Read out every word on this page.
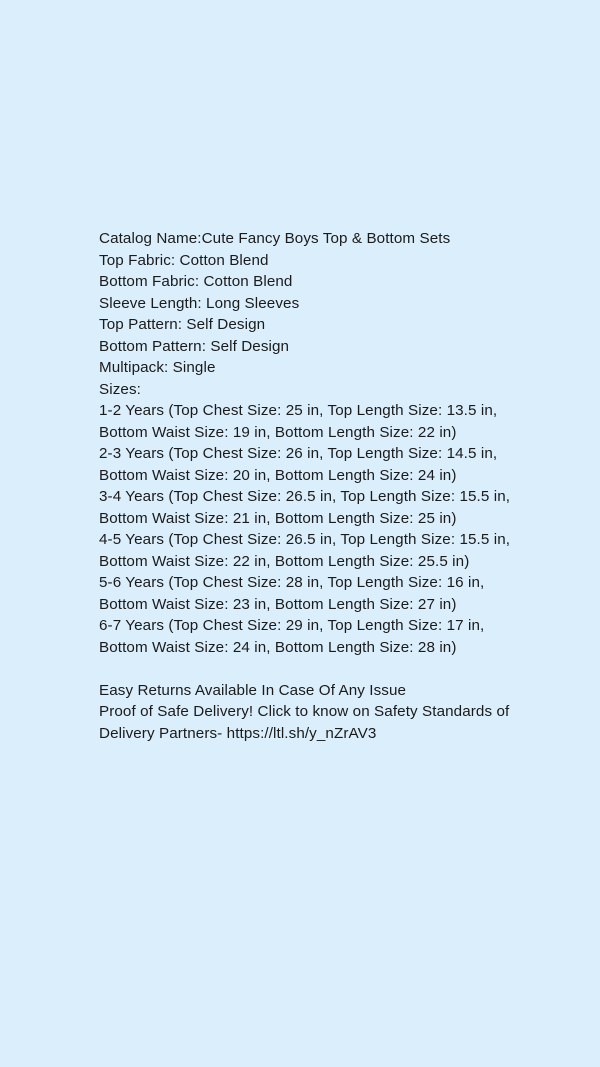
Catalog Name:Cute Fancy Boys Top & Bottom Sets
Top Fabric: Cotton Blend
Bottom Fabric: Cotton Blend
Sleeve Length: Long Sleeves
Top Pattern: Self Design
Bottom Pattern: Self Design
Multipack: Single
Sizes:
1-2 Years (Top Chest Size: 25 in, Top Length Size: 13.5 in, Bottom Waist Size: 19 in, Bottom Length Size: 22 in)
2-3 Years (Top Chest Size: 26 in, Top Length Size: 14.5 in, Bottom Waist Size: 20 in, Bottom Length Size: 24 in)
3-4 Years (Top Chest Size: 26.5 in, Top Length Size: 15.5 in, Bottom Waist Size: 21 in, Bottom Length Size: 25 in)
4-5 Years (Top Chest Size: 26.5 in, Top Length Size: 15.5 in, Bottom Waist Size: 22 in, Bottom Length Size: 25.5 in)
5-6 Years (Top Chest Size: 28 in, Top Length Size: 16 in, Bottom Waist Size: 23 in, Bottom Length Size: 27 in)
6-7 Years (Top Chest Size: 29 in, Top Length Size: 17 in, Bottom Waist Size: 24 in, Bottom Length Size: 28 in)
Easy Returns Available In Case Of Any Issue
Proof of Safe Delivery! Click to know on Safety Standards of Delivery Partners- https://ltl.sh/y_nZrAV3
